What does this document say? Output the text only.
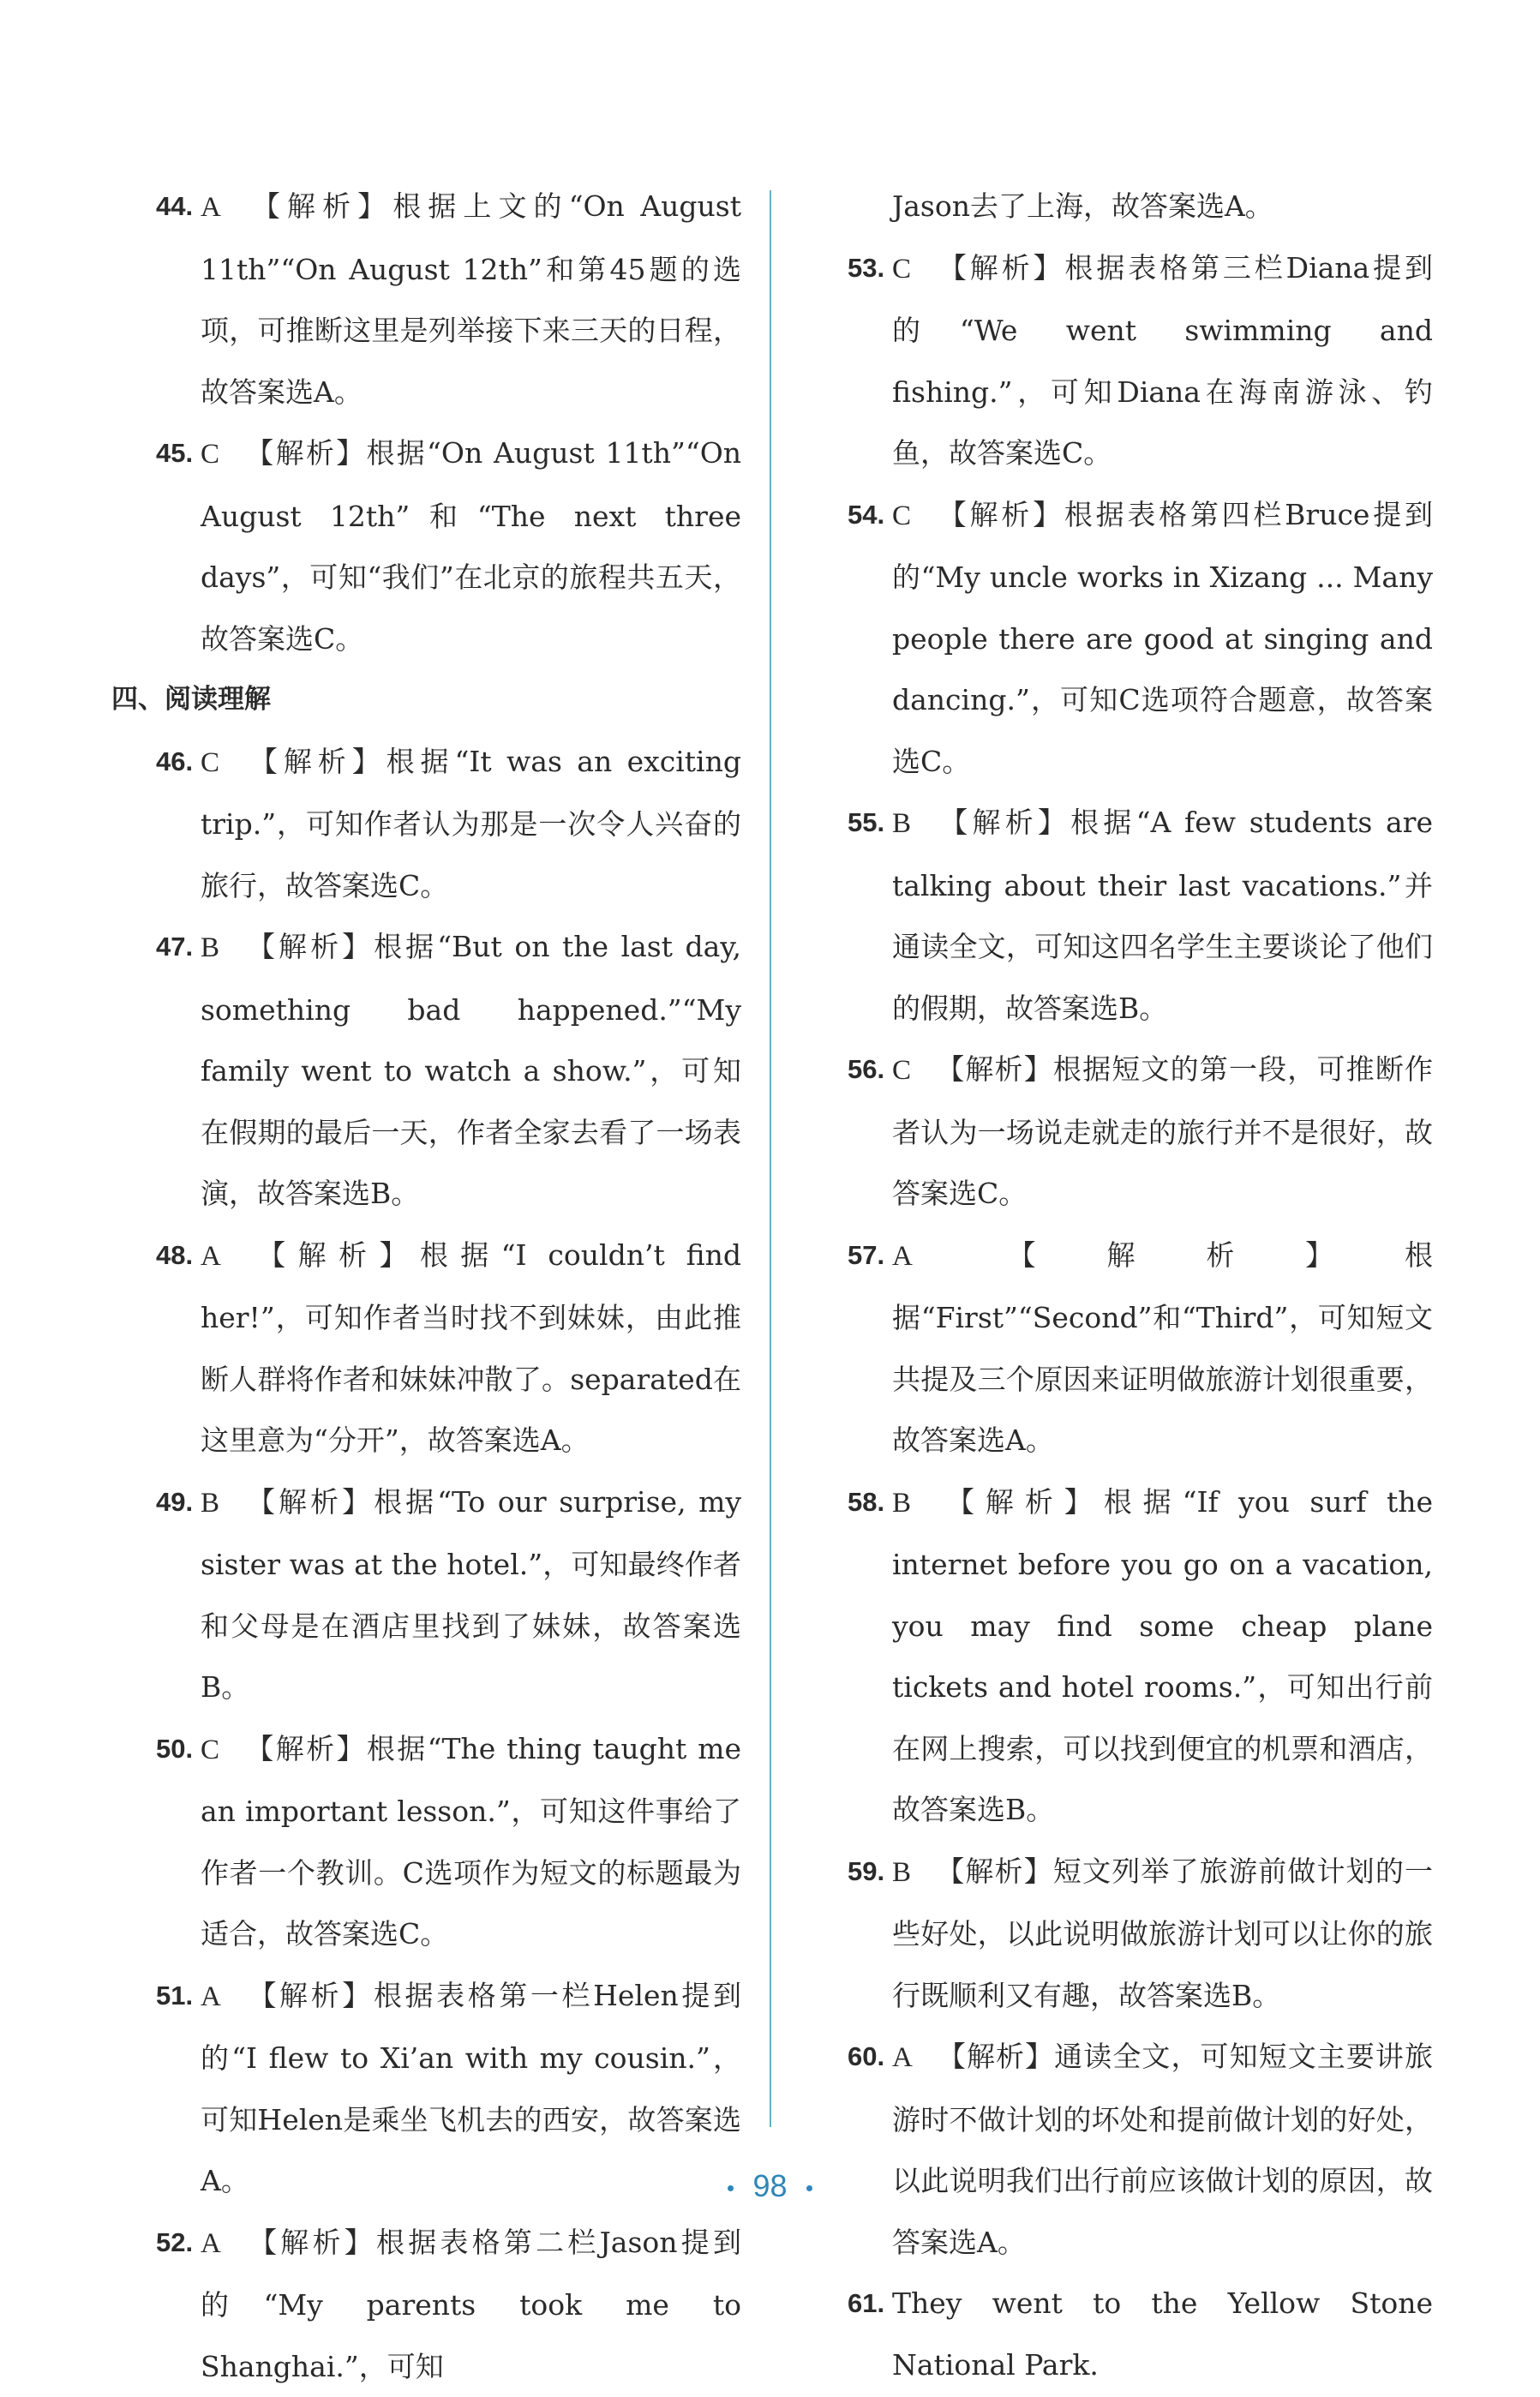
44. A 【解析】根据上文的“On August 11th”“On August 12th”和第45题的选项，可推断这里是列举接下来三天的日程，故答案选A。
45. C 【解析】根据“On August 11th”“On August 12th”和“The next three days”，可知“我们”在北京的旅程共五天，故答案选C。
四、阅读理解
46. C 【解析】根据“It was an exciting trip.”，可知作者认为那是一次令人兴奋的旅行，故答案选C。
47. B 【解析】根据“But on the last day, something bad happened.”“My family went to watch a show.”，可知在假期的最后一天，作者全家去看了一场表演，故答案选B。
48. A 【解析】根据“I couldn’t find her!”，可知作者当时找不到妹妹，由此推断人群将作者和妹妹冲散了。separated在这里意为“分开”，故答案选A。
49. B 【解析】根据“To our surprise, my sister was at the hotel.”，可知最终作者和父母是在酒店里找到了妹妹，故答案选B。
50. C 【解析】根据“The thing taught me an important lesson.”，可知这件事给了作者一个教训。C选项作为短文的标题最为适合，故答案选C。
51. A 【解析】根据表格第一栏Helen提到的“I flew to Xi’an with my cousin.”，可知Helen是乘坐飞机去的西安，故答案选A。
52. A 【解析】根据表格第二栏Jason提到的“My parents took me to Shanghai.”，可知
Jason去了上海，故答案选A。
53. C 【解析】根据表格第三栏Diana提到的“We went swimming and fishing.”，可知Diana在海南游泳、钓鱼，故答案选C。
54. C 【解析】根据表格第四栏Bruce提到的“My uncle works in Xizang ... Many people there are good at singing and dancing.”，可知C选项符合题意，故答案选C。
55. B 【解析】根据“A few students are talking about their last vacations.”并通读全文，可知这四名学生主要谈论了他们的假期，故答案选B。
56. C 【解析】根据短文的第一段，可推断作者认为一场说走就走的旅行并不是很好，故答案选C。
57. A 【解析】根据“First”“Second”和“Third”，可知短文共提及三个原因来证明做旅游计划很重要，故答案选A。
58. B 【解析】根据“If you surf the internet before you go on a vacation, you may find some cheap plane tickets and hotel rooms.”，可知出行前在网上搜索，可以找到便宜的机票和酒店，故答案选B。
59. B 【解析】短文列举了旅游前做计划的一些好处，以此说明做旅游计划可以让你的旅行既顺利又有趣，故答案选B。
60. A 【解析】通读全文，可知短文主要讲旅游时不做计划的坏处和提前做计划的好处，以此说明我们出行前应该做计划的原因，故答案选A。
61. They went to the Yellow Stone National Park.
98
